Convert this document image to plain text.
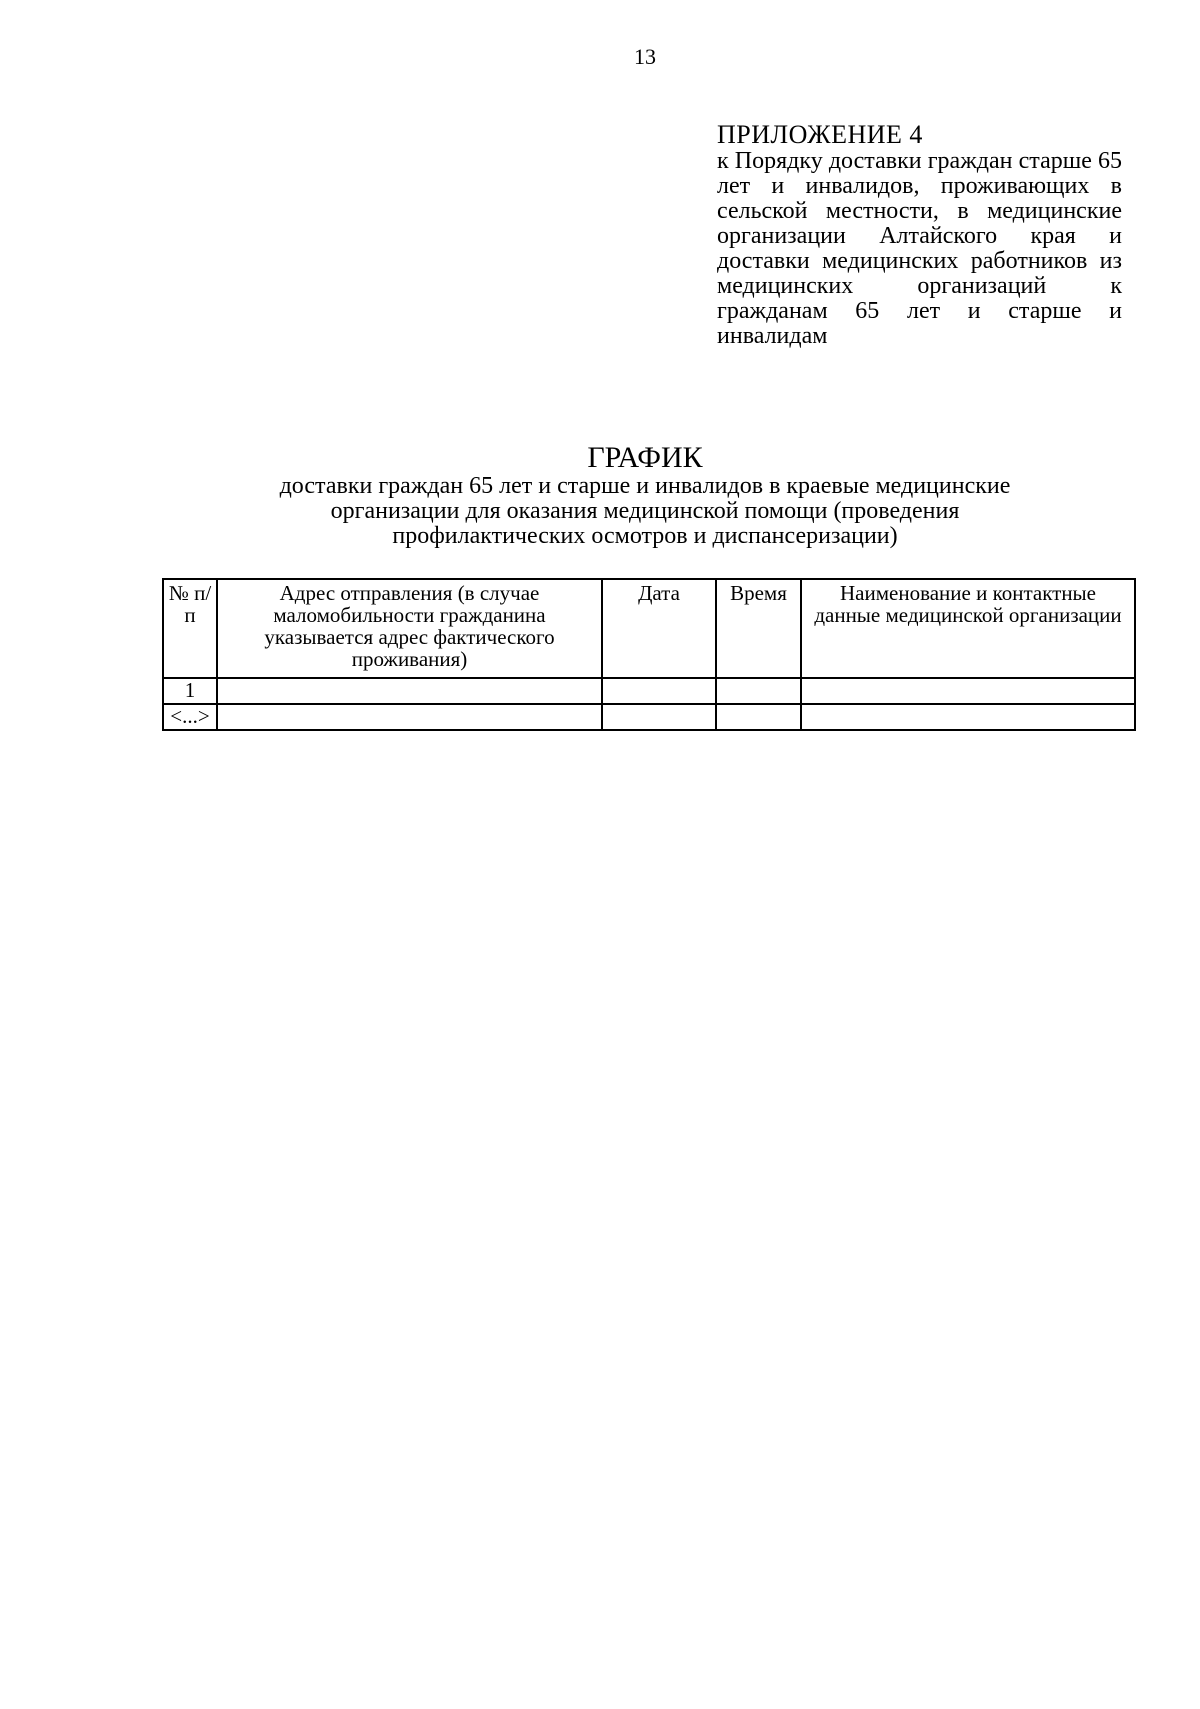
13
ПРИЛОЖЕНИЕ 4
к Порядку доставки граждан старше 65 лет и инвалидов, проживающих в сельской местности, в медицинские организации Алтайского края и доставки медицинских работников из медицинских организаций к гражданам 65 лет и старше и инвалидам
ГРАФИК
доставки граждан 65 лет и старше и инвалидов в краевые медицинские организации для оказания медицинской помощи (проведения профилактических осмотров и диспансеризации)
№ п/п	Адрес отправления (в случае маломобильности гражданина указывается адрес фактического проживания)	Дата	Время	Наименование и контактные данные медицинской организации
1				
<...>				
